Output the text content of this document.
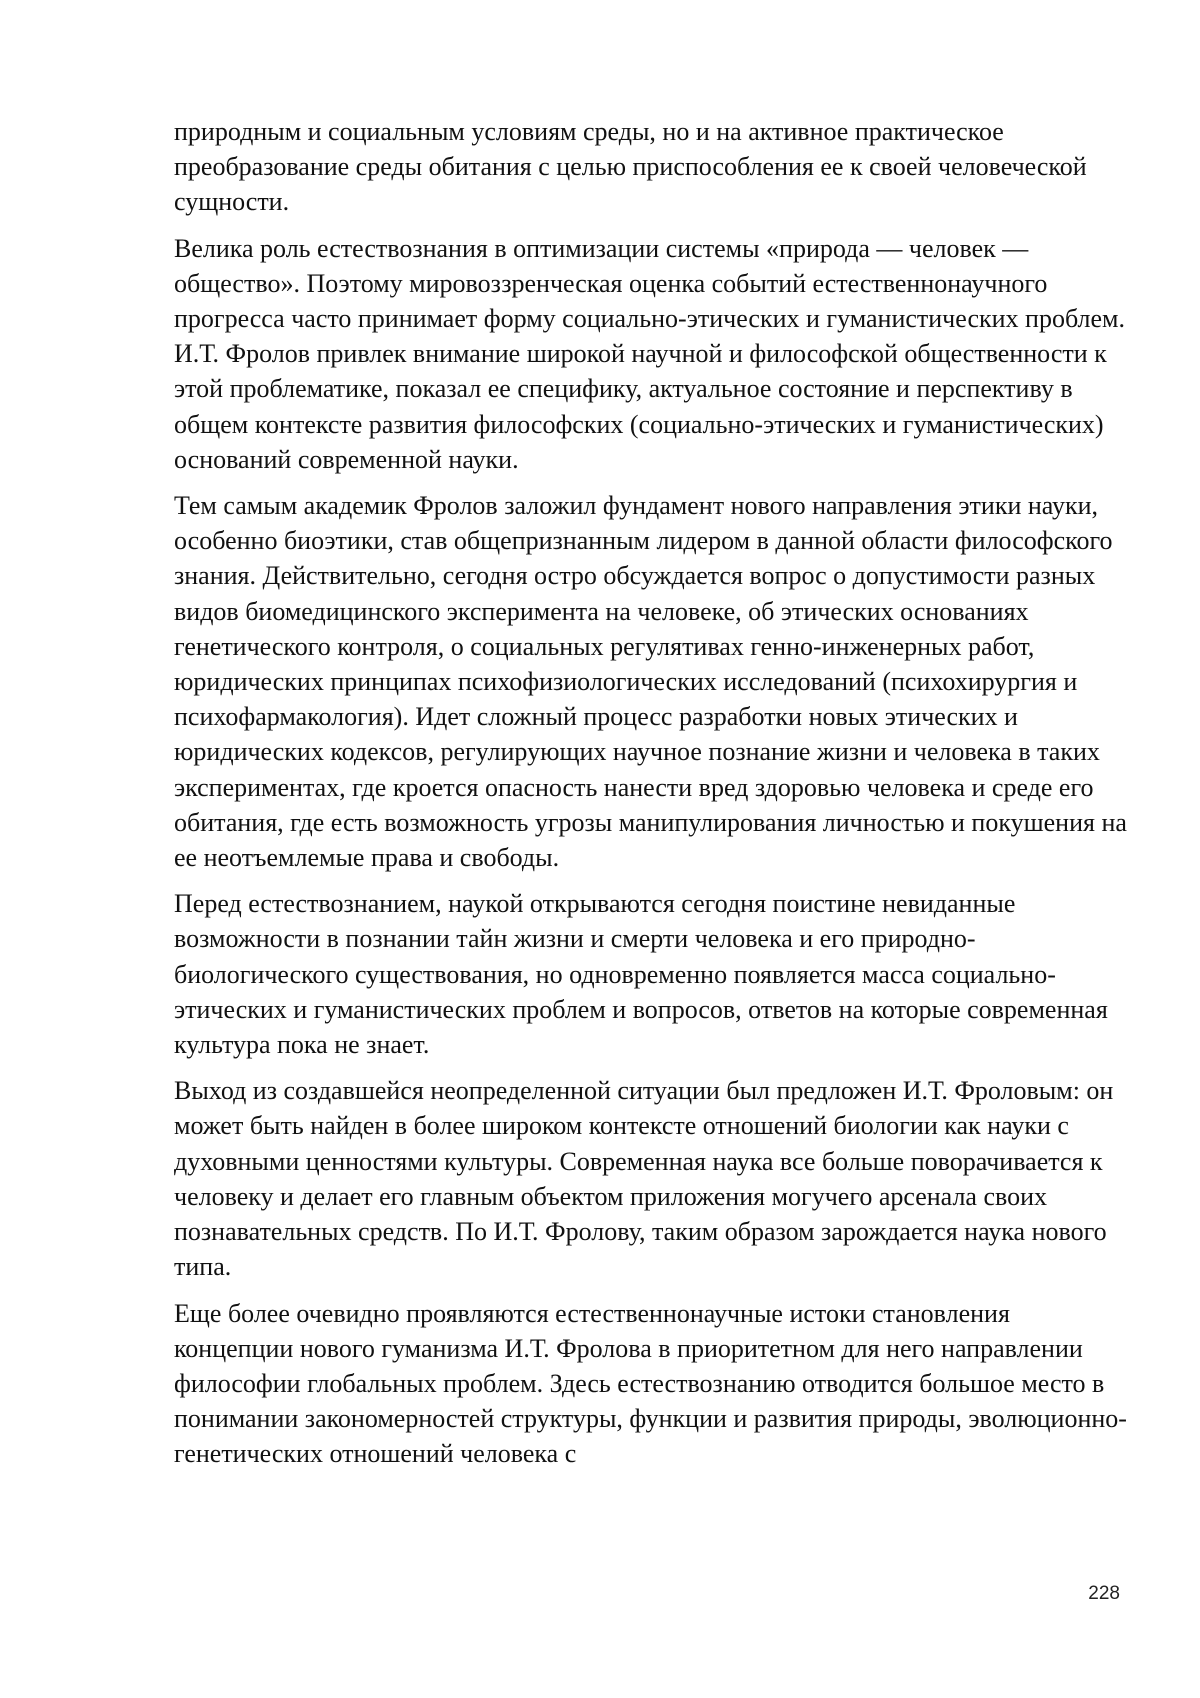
природным и социальным условиям среды, но и на активное практическое преобразование среды обитания с целью приспособления ее к своей человеческой сущности.

Велика роль естествознания в оптимизации системы «природа — человек — общество». Поэтому мировоззренческая оценка событий естественнонаучного прогресса часто принимает форму социально-этических и гуманистических проблем. И.Т. Фролов привлек внимание широкой научной и философской общественности к этой проблематике, показал ее специфику, актуальное состояние и перспективу в общем контексте развития философских (социально-этических и гуманистических) оснований современной науки.

Тем самым академик Фролов заложил фундамент нового направления этики науки, особенно биоэтики, став общепризнанным лидером в данной области философского знания. Действительно, сегодня остро обсуждается вопрос о допустимости разных видов биомедицинского эксперимента на человеке, об этических основаниях генетического контроля, о социальных регулятивах генно-инженерных работ, юридических принципах психофизиологических исследований (психохирургия и психофармакология). Идет сложный процесс разработки новых этических и юридических кодексов, регулирующих научное познание жизни и человека в таких экспериментах, где кроется опасность нанести вред здоровью человека и среде его обитания, где есть возможность угрозы манипулирования личностью и покушения на ее неотъемлемые права и свободы.

Перед естествознанием, наукой открываются сегодня поистине невиданные возможности в познании тайн жизни и смерти человека и его природно-биологического существования, но одновременно появляется масса социально-этических и гуманистических проблем и вопросов, ответов на которые современная культура пока не знает.

Выход из создавшейся неопределенной ситуации был предложен И.Т. Фроловым: он может быть найден в более широком контексте отношений биологии как науки с духовными ценностями культуры. Современная наука все больше поворачивается к человеку и делает его главным объектом приложения могучего арсенала своих познавательных средств. По И.Т. Фролову, таким образом зарождается наука нового типа.

Еще более очевидно проявляются естественнонаучные истоки становления концепции нового гуманизма И.Т. Фролова в приоритетном для него направлении философии глобальных проблем. Здесь естествознанию отводится большое место в понимании закономерностей структуры, функции и развития природы, эволюционно-генетических отношений человека с

228
